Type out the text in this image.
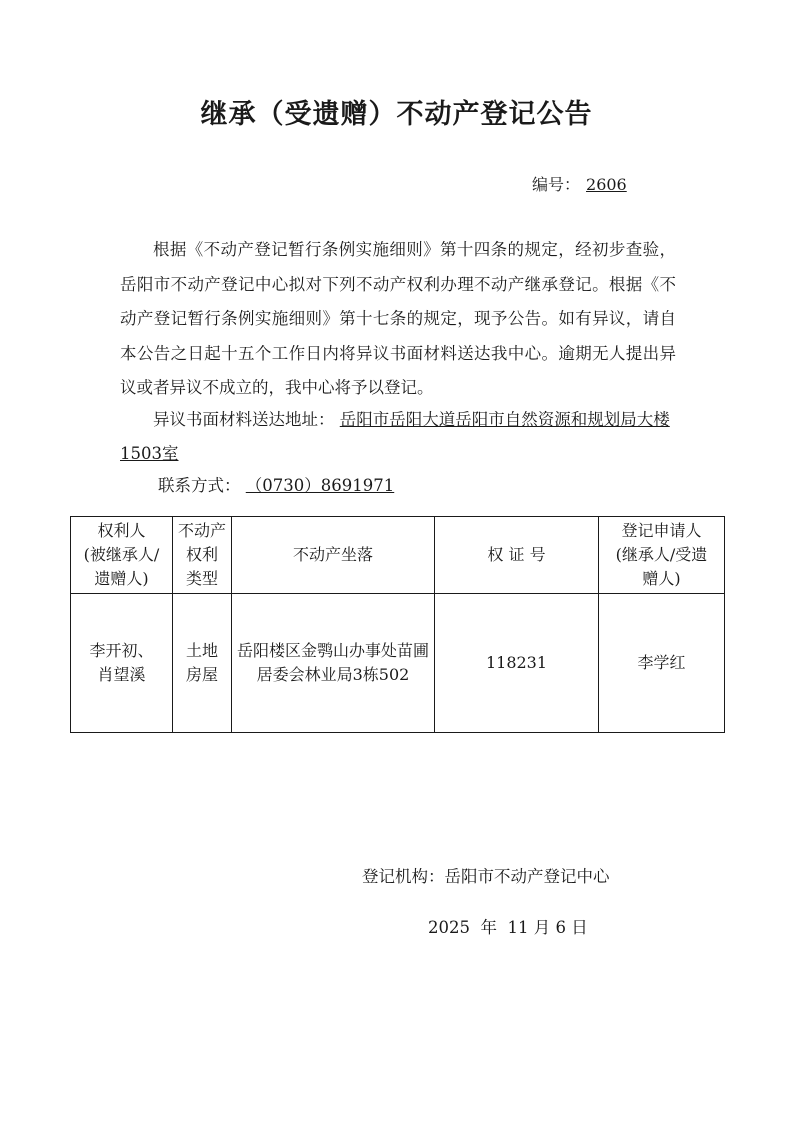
继承（受遗赠）不动产登记公告
编号： 2606

根据《不动产登记暂行条例实施细则》第十四条的规定，经初步查验，岳阳市不动产登记中心拟对下列不动产权利办理不动产继承登记。根据《不动产登记暂行条例实施细则》第十七条的规定，现予公告。如有异议，请自本公告之日起十五个工作日内将异议书面材料送达我中心。逾期无人提出异议或者异议不成立的，我中心将予以登记。

异议书面材料送达地址： 岳阳市岳阳大道岳阳市自然资源和规划局大楼1503室

联系方式： （0730）8691971
权利人
(被继承人/
遗赠人)	不动产
权利
类型	不动产坐落	权 证 号	登记申请人
(继承人/受遗
赠人)

李开初、
肖望溪	土地
房屋	岳阳楼区金鹗山办事处苗圃居委会林业局3栋502	118231	李学红
登记机构：岳阳市不动产登记中心
2025  年  11 月 6 日
